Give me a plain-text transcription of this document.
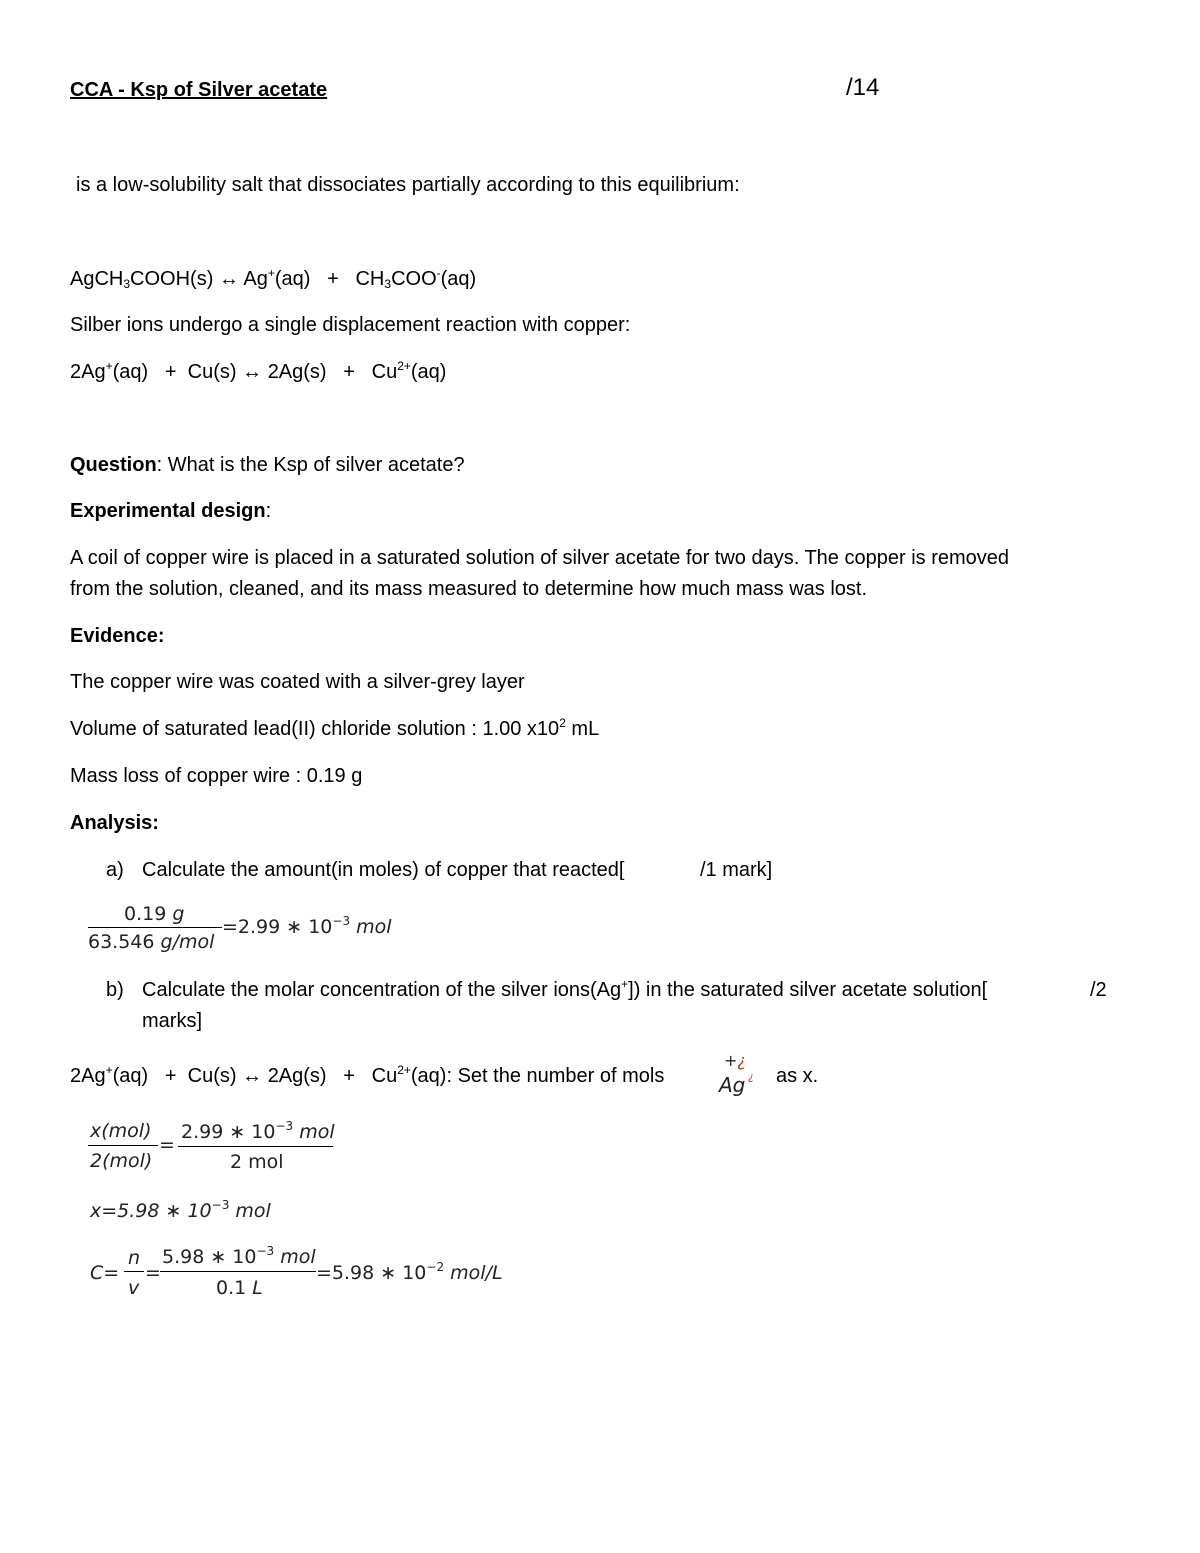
CCA - Ksp of Silver acetate	/14
is a low-solubility salt that dissociates partially according to this equilibrium:
AgCH$_3$COOH(s) ↔ $Ag^+(aq) + CH_3COO^-(aq)$
Silber ions undergo a single displacement reaction with copper:
2Ag+(aq) + Cu(s) ↔ $2Ag(s) + Cu^{2+}(aq)$
Question: What is the Ksp of silver acetate?
Experimental design:
A coil of copper wire is placed in a saturated solution of silver acetate for two days. The copper is removed
from the solution, cleaned, and its mass measured to determine how much mass was lost.
Evidence:
The copper wire was coated with a silver-grey layer
Volume of saturated lead(II) chloride solution : 1.00 $x10^2$ mL
Mass loss of copper wire : 0.19 g
Analysis:
a) Calculate the amount(in moles) of copper that reacted[	/1 mark]
0.19 g
63.546 g/mol
=2.99 ∗ $10^{-3}$ mol
b) Calculate the molar concentration of the silver ions(Ag+]) in the saturated silver acetate solution[	/2
marks]
2Ag+(aq) + Cu(s) ↔ $2Ag(s) + Cu^{2+}(aq)$: Set the number of mols
+¿
Ag ¿ as x.
x(mol)
2(mol)
=
2.99 ∗ $10^{-3}$ mol
2 mol
x=5.98 ∗ $10^{-3}$ mol
C=
n
v
=
5.98 ∗ $10^{-3}$ mol
0.1 L
=5.98 ∗ $10^{-2}$ mol/L
